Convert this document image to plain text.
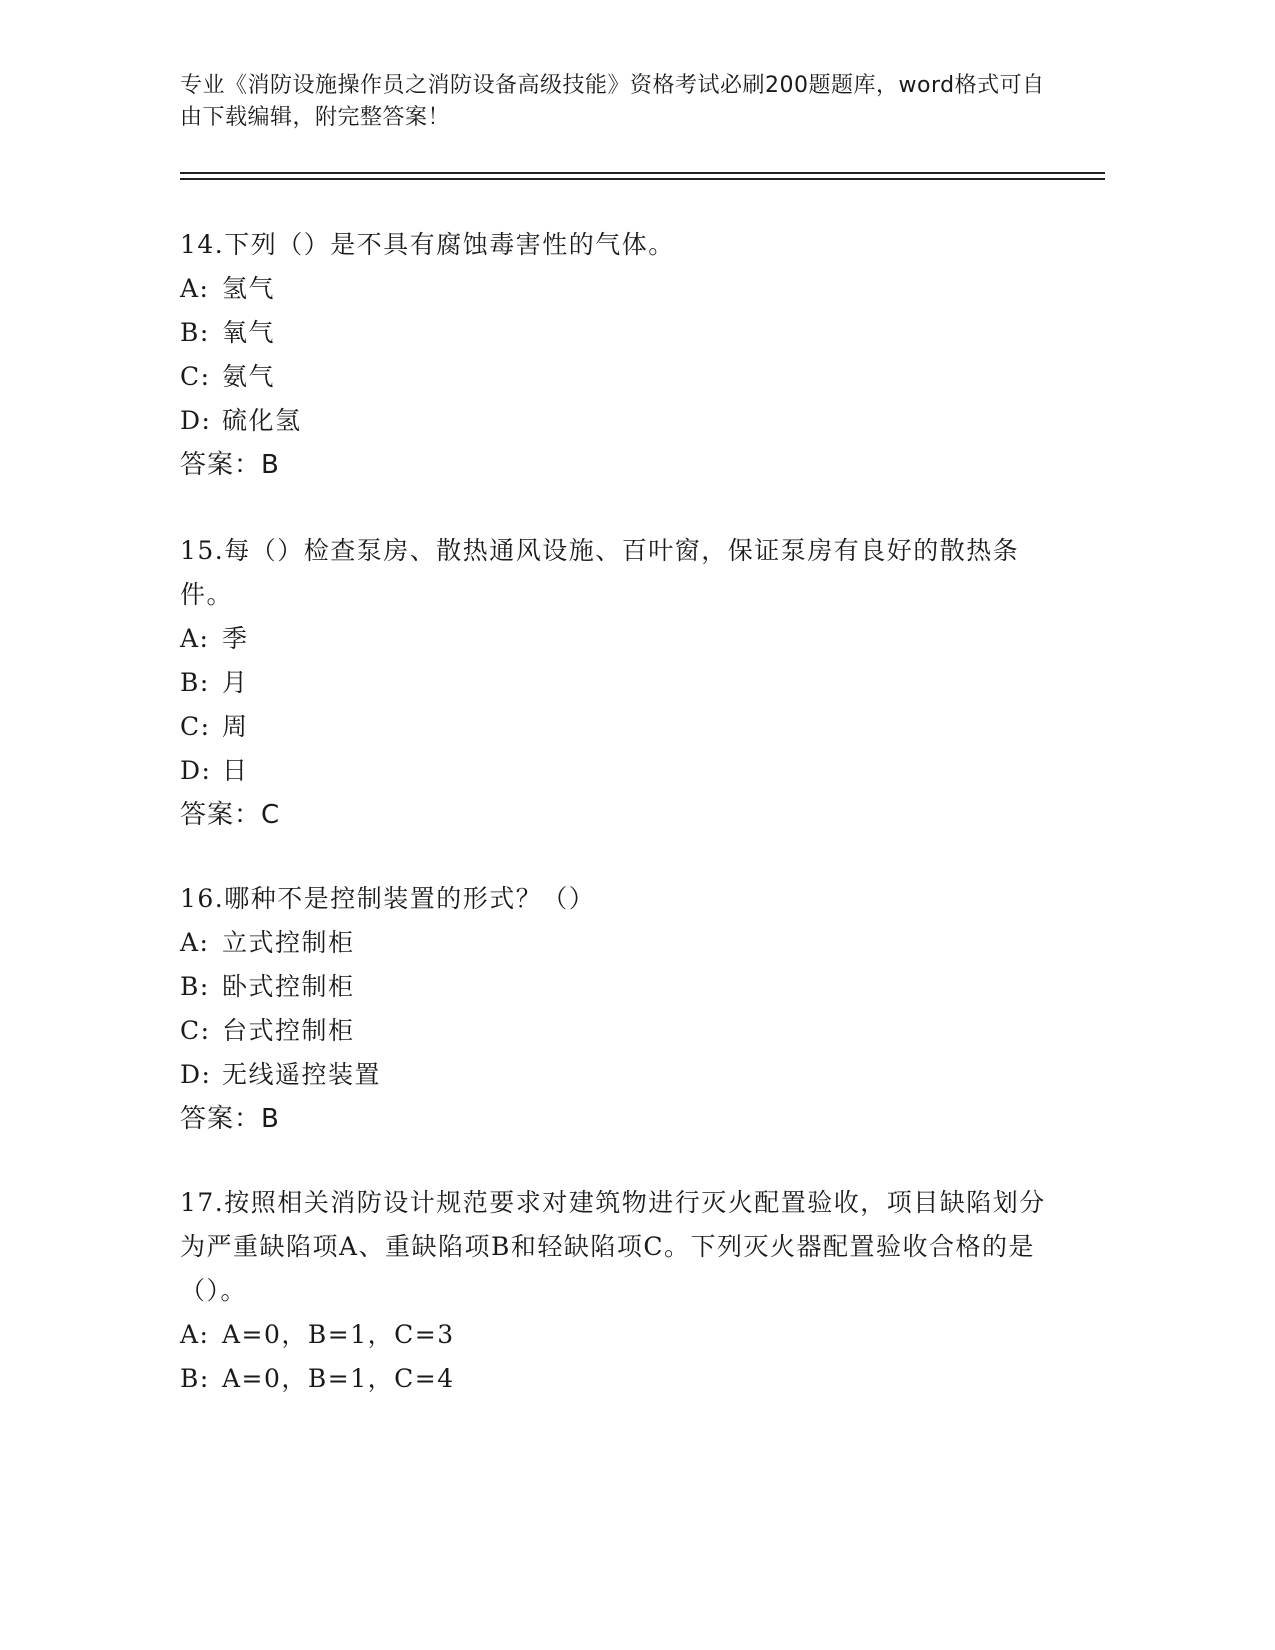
专业《消防设施操作员之消防设备高级技能》资格考试必刷200题题库，word格式可自由下载编辑，附完整答案！
14.下列（）是不具有腐蚀毒害性的气体。
A: 氢气
B: 氧气
C: 氨气
D: 硫化氢
答案：B
15.每（）检查泵房、散热通风设施、百叶窗，保证泵房有良好的散热条件。
A: 季
B: 月
C: 周
D: 日
答案：C
16.哪种不是控制装置的形式？（）
A: 立式控制柜
B: 卧式控制柜
C: 台式控制柜
D: 无线遥控装置
答案：B
17.按照相关消防设计规范要求对建筑物进行灭火配置验收，项目缺陷划分为严重缺陷项A、重缺陷项B和轻缺陷项C。下列灭火器配置验收合格的是（）。
A: A=0，B=1，C=3
B: A=0，B=1，C=4
